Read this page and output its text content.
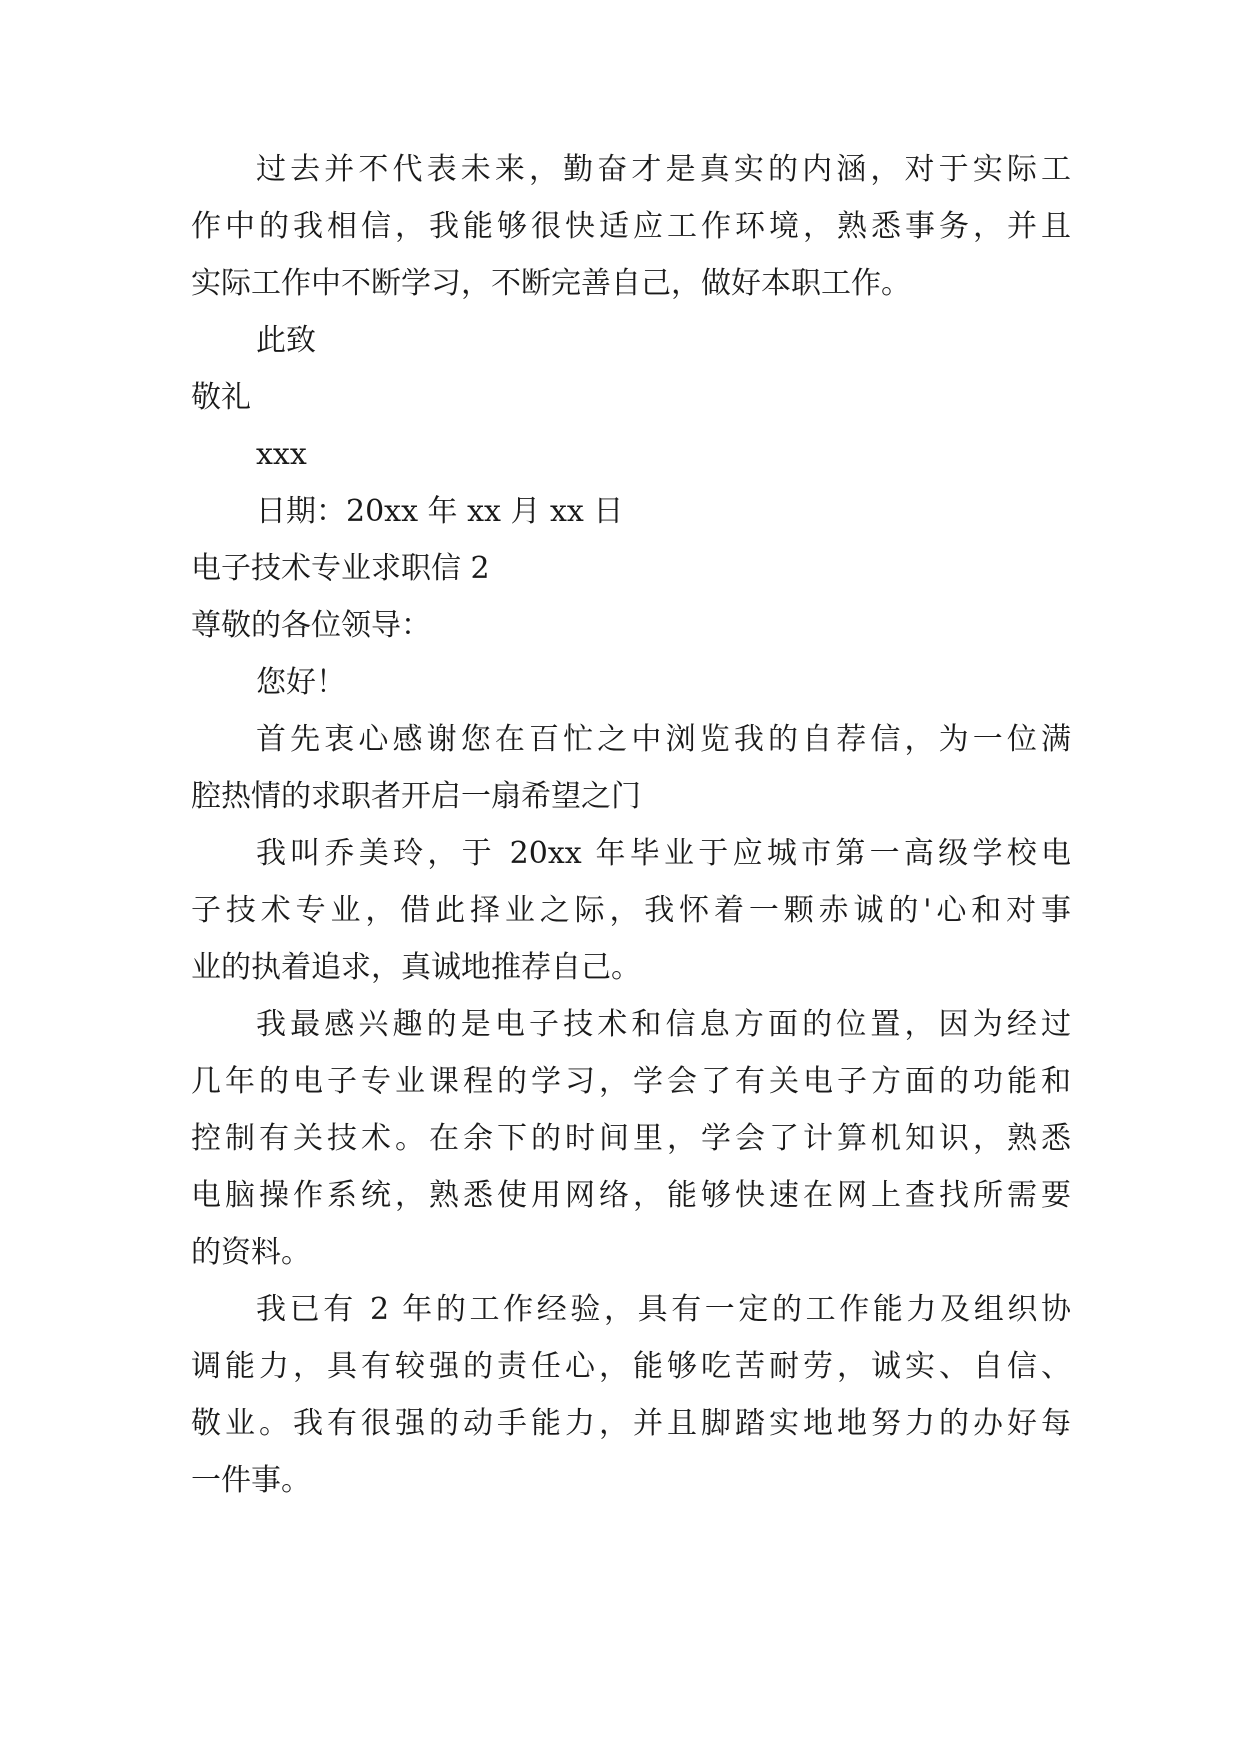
过去并不代表未来，勤奋才是真实的内涵，对于实际工
作中的我相信，我能够很快适应工作环境，熟悉事务，并且
实际工作中不断学习，不断完善自己，做好本职工作。
此致
敬礼
xxx
日期：20xx 年 xx 月 xx 日
电子技术专业求职信 2
尊敬的各位领导：
您好！
首先衷心感谢您在百忙之中浏览我的自荐信，为一位满
腔热情的求职者开启一扇希望之门
我叫乔美玲，于 20xx 年毕业于应城市第一高级学校电
子技术专业，借此择业之际，我怀着一颗赤诚的'心和对事
业的执着追求，真诚地推荐自己。
我最感兴趣的是电子技术和信息方面的位置，因为经过
几年的电子专业课程的学习，学会了有关电子方面的功能和
控制有关技术。在余下的时间里，学会了计算机知识，熟悉
电脑操作系统，熟悉使用网络，能够快速在网上查找所需要
的资料。
我已有 2 年的工作经验，具有一定的工作能力及组织协
调能力，具有较强的责任心，能够吃苦耐劳，诚实、自信、
敬业。我有很强的动手能力，并且脚踏实地地努力的办好每
一件事。
